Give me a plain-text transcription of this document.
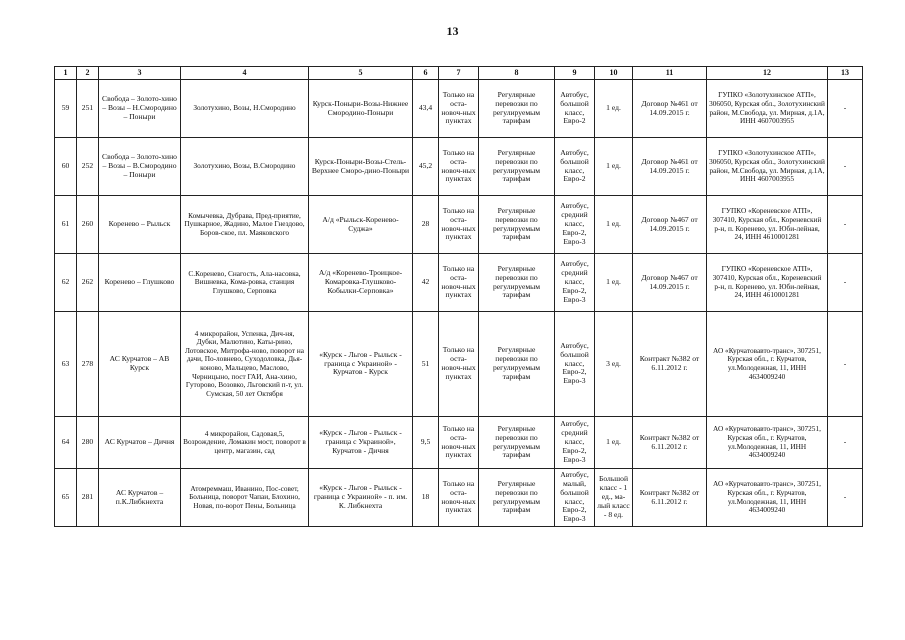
13
1	2	3	4	5	6	7	8	9	10	11	12	13
59	251	Свобода – Золото-хино – Возы – Н.Смородино – Поныри	Золотухино, Возы, Н.Смородино	Курск-Поныри-Возы-Нижнее Смородино-Поныри	43,4	Только на оста-новоч-ных пунктах	Регулярные перевозки по регулируемым тарифам	Автобус, большой класс, Евро-2	1 ед.	Договор №461 от 14.09.2015 г.	ГУПКО «Золотухинское АТП», 306050, Курская обл., Золотухинский район, М.Свобода, ул. Мирная, д.1А, ИНН 4607003955	-
60	252	Свобода – Золото-хино – Возы – В.Смородино – Поныри	Золотухино, Возы, В.Смородино	Курск-Поныри-Возы-Стель-Верхнее Сморо-дино-Поныри	45,2	Только на оста-новоч-ных пунктах	Регулярные перевозки по регулируемым тарифам	Автобус, большой класс, Евро-2	1 ед.	Договор №461 от 14.09.2015 г.	ГУПКО «Золотухинское АТП», 306050, Курская обл., Золотухинский район, М.Свобода, ул. Мирная, д.1А, ИНН 4607003955	-
61	260	Коренево – Рыльск	Комычевка, Дубрава, Пред-приятие, Пушкарное, Жадино, Малое Гнездово, Боров-ское, пл. Маяковского	А/д «Рыльск-Коренево-Суджа»	28	Только на оста-новоч-ных пунктах	Регулярные перевозки по регулируемым тарифам	Автобус, средний класс, Евро-2, Евро-3	1 ед.	Договор №467 от 14.09.2015 г.	ГУПКО «Кореневское АТП», 307410, Курская обл., Кореневский р-н, п. Коренево, ул. Юби-лейная, 24, ИНН 4610001281	-
62	262	Коренево – Глушково	С.Коренево, Снагость, Ала-насовка, Вишневка, Кома-ровка, станция Глушково, Серповка	А/д «Коренево-Троицкое-Комаровка-Глушково-Кобылки-Серповка»	42	Только на оста-новоч-ных пунктах	Регулярные перевозки по регулируемым тарифам	Автобус, средний класс, Евро-2, Евро-3	1 ед.	Договор №467 от 14.09.2015 г.	ГУПКО «Кореневское АТП», 307410, Курская обл., Кореневский р-н, п. Коренево, ул. Юби-лейная, 24, ИНН 4610001281	-
63	278	АС Курчатов – АВ Курск	4 микрорайон, Успенка, Дич-ня, Дубки, Малютино, Каты-рино, Лотовское, Митрофа-ново, поворот на дачи, По-ловнево, Суходоловка, Дья-коново, Мальцево, Маслово, Черницыно, пост ГАИ, Ана-хино, Гуторово, Возовко, Льговский п-т, ул. Сумская, 50 лет Октября	«Курск - Льгов - Рыльск - граница с Украиной» - Курчатов - Курск	51	Только на оста-новоч-ных пунктах	Регулярные перевозки по регулируемым тарифам	Автобус, большой класс, Евро-2, Евро-3	3 ед.	Контракт №382 от 6.11.2012 г.	АО «Курчатовавто-транс», 307251, Курская обл., г. Курчатов, ул.Молодежная, 11, ИНН 4634009240	-
64	280	АС Курчатов – Дичня	4 микрорайон, Садовая,5, Возрождение, Ломакин мост, поворот в центр, магазин, сад	«Курск - Льгов - Рыльск - граница с Украиной», Курчатов - Дичня	9,5	Только на оста-новоч-ных пунктах	Регулярные перевозки по регулируемым тарифам	Автобус, средний класс, Евро-2, Евро-3	1 ед.	Контракт №382 от 6.11.2012 г.	АО «Курчатовавто-транс», 307251, Курская обл., г. Курчатов, ул.Молодежная, 11, ИНН 4634009240	-
65	281	АС Курчатов – п.К.Либкнехта	Атомреммаш, Иванино, Пос-совет, Больница, поворот Чапаи, Блохино, Новая, по-ворот Пены, Больница	«Курск - Льгов - Рыльск - граница с Украиной» - п. им. К. Либкнехта	18	Только на оста-новоч-ных пунктах	Регулярные перевозки по регулируемым тарифам	Автобус, малый, большой класс, Евро-2, Евро-3	Большой класс - 1 ед., ма-лый класс - 8 ед.	Контракт №382 от 6.11.2012 г.	АО «Курчатовавто-транс», 307251, Курская обл., г. Курчатов, ул.Молодежная, 11, ИНН 4634009240	-
